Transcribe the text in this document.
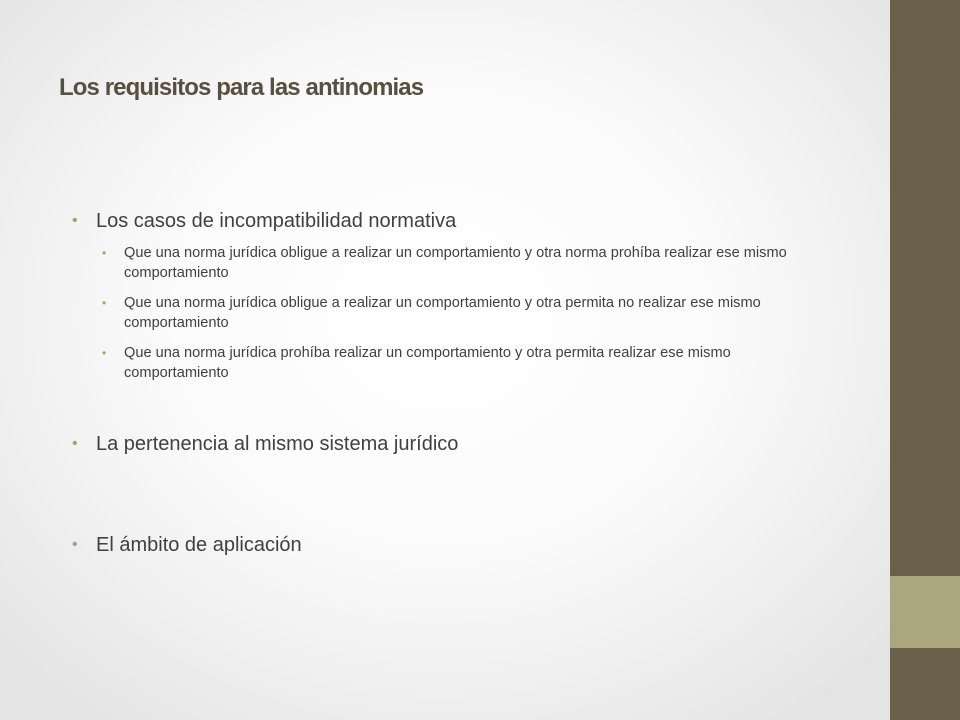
Los requisitos para las antinomias
• Los casos de incompatibilidad normativa
• Que una norma jurídica obligue a realizar un comportamiento y otra norma prohíba realizar ese mismo comportamiento
• Que una norma jurídica obligue a realizar un comportamiento y otra permita no realizar ese mismo comportamiento
• Que una norma jurídica prohíba realizar un comportamiento y otra permita realizar ese mismo comportamiento
• La pertenencia al mismo sistema jurídico
• El ámbito de aplicación
